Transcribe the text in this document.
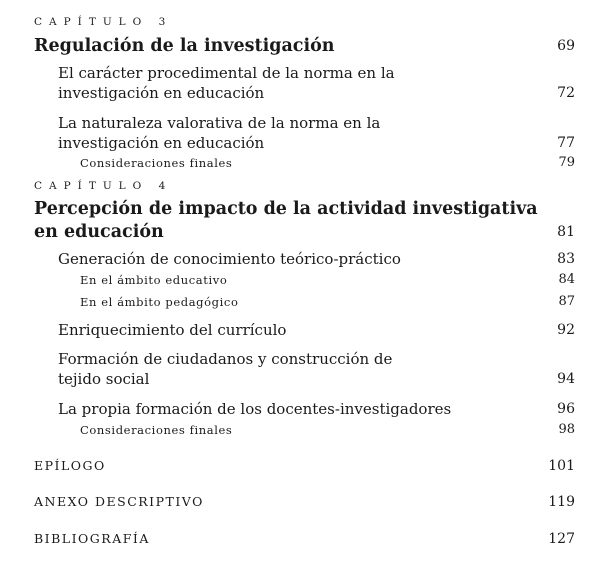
CAPÍTULO 3
Regulación de la investigación	69
El carácter procedimental de la norma en la
investigación en educación	72
La naturaleza valorativa de la norma en la
investigación en educación	77
Consideraciones finales	79
CAPÍTULO 4
Percepción de impacto de la actividad investigativa
en educación	81
Generación de conocimiento teórico-práctico	83
En el ámbito educativo	84
En el ámbito pedagógico	87
Enriquecimiento del currículo	92
Formación de ciudadanos y construcción de
tejido social	94
La propia formación de los docentes-investigadores	96
Consideraciones finales	98
EPÍLOGO	101
ANEXO DESCRIPTIVO	119
BIBLIOGRAFÍA	127
